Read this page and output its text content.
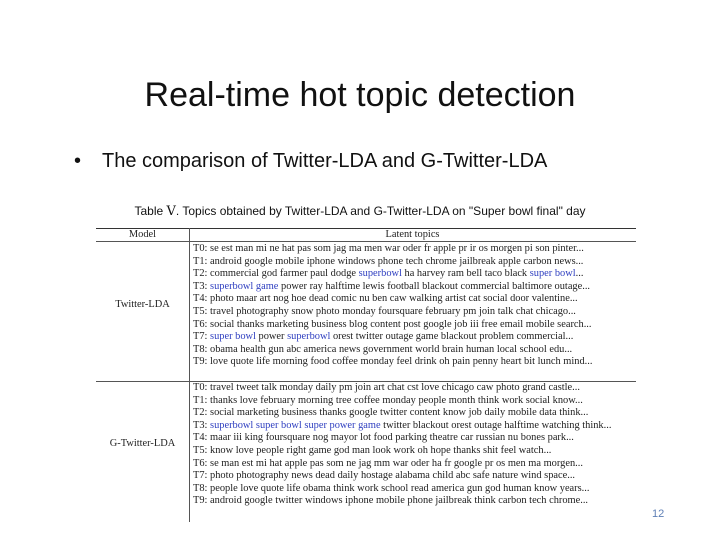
Real-time hot topic detection
• The comparison of Twitter-LDA and G-Twitter-LDA
Table Ⅴ. Topics obtained by Twitter-LDA and G-Twitter-LDA on "Super bowl final" day
Model	Latent topics
Twitter-LDA
T0: se est man mi ne hat pas som jag ma men war oder fr apple pr ir os morgen pi son pinter...
T1: android google mobile iphone windows phone tech chrome jailbreak apple carbon news...
T2: commercial god farmer paul dodge superbowl ha harvey ram bell taco black super bowl...
T3: superbowl game power ray halftime lewis football blackout commercial baltimore outage...
T4: photo maar art nog hoe dead comic nu ben caw walking artist cat social door valentine...
T5: travel photography snow photo monday foursquare february pm join talk chat chicago...
T6: social thanks marketing business blog content post google job iii free email mobile search...
T7: super bowl power superbowl orest twitter outage game blackout problem commercial...
T8: obama health gun abc america news government world brain human local school edu...
T9: love quote life morning food coffee monday feel drink oh pain penny heart bit lunch mind...
G-Twitter-LDA
T0: travel tweet talk monday daily pm join art chat cst love chicago caw photo grand castle...
T1: thanks love february morning tree coffee monday people month think work social know...
T2: social marketing business thanks google twitter content know job daily mobile data think...
T3: superbowl super bowl super power game twitter blackout orest outage halftime watching think...
T4: maar iii king foursquare nog mayor lot food parking theatre car russian nu bones park...
T5: know love people right game god man look work oh hope thanks shit feel watch...
T6: se man est mi hat apple pas som ne jag mm war oder ha fr google pr os men ma morgen...
T7: photo photography news dead daily hostage alabama child abc safe nature wind space...
T8: people love quote life obama think work school read america gun god human know years...
T9: android google twitter windows iphone mobile phone jailbreak think carbon tech chrome...
12
